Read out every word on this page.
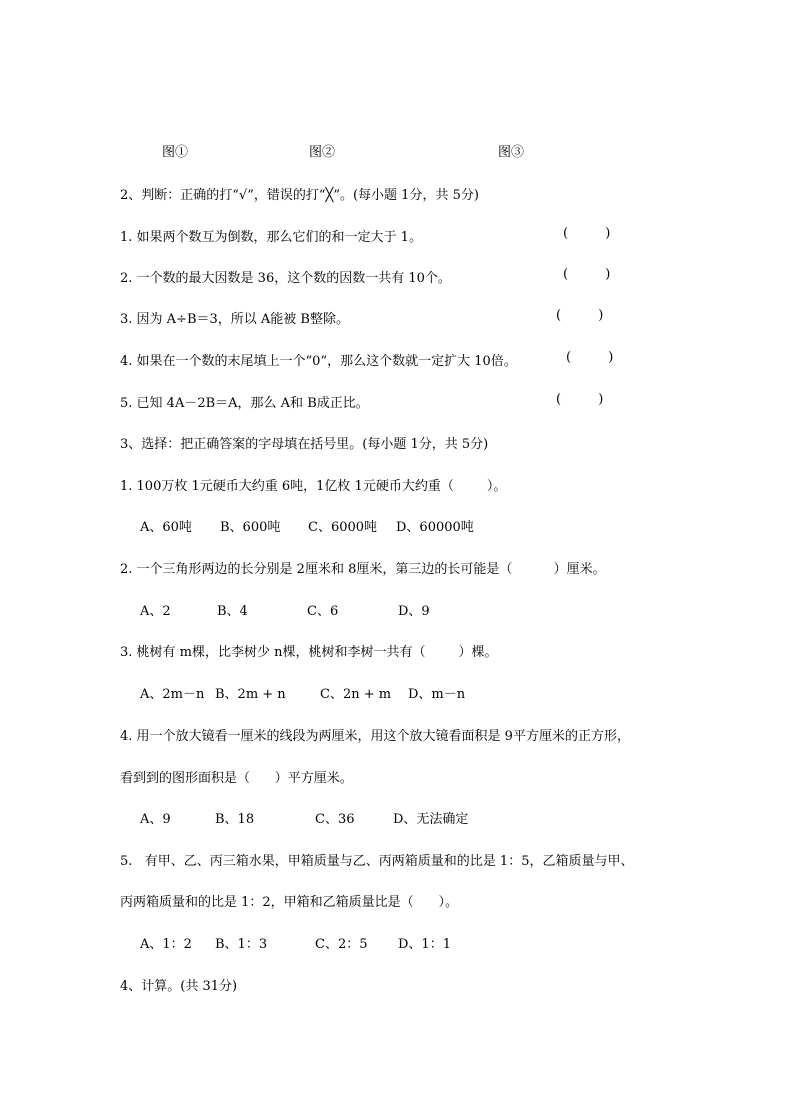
图①	图②	图③
2、判断：正确的打“√”，错误的打“╳”。(每小题 1分，共 5分)
1. 如果两个数互为倒数，那么它们的和一定大于 1。	(         )
2. 一个数的最大因数是 36，这个数的因数一共有 10个。	(         )
3. 因为 A÷B＝3，所以 A能被 B整除。	(         )
4. 如果在一个数的末尾填上一个“0”，那么这个数就一定扩大 10倍。	(         )
5. 已知 4A－2B＝A，那么 A和 B成正比。	(         )
3、选择：把正确答案的字母填在括号里。(每小题 1分，共 5分)
1. 100万枚 1元硬币大约重 6吨，1亿枚 1元硬币大约重（        ）。
A、60吨 B、600吨 C、6000吨 D、60000吨
2. 一个三角形两边的长分别是 2厘米和 8厘米，第三边的长可能是（          ）厘米。
A、2	B、4	C、6	D、9
3. 桃树有 m棵，比李树少 n棵，桃树和李树一共有（        ）棵。
A、2m－n B、2m + n	C、2n + m D、m－n
4. 用一个放大镜看一厘米的线段为两厘米，用这个放大镜看面积是 9平方厘米的正方形，
看到到的图形面积是（      ）平方厘米。
A、9	B、18	C、36	D、无法确定
5.   有甲、乙、丙三箱水果，甲箱质量与乙、丙两箱质量和的比是 1：5，乙箱质量与甲、
丙两箱质量和的比是 1：2，甲箱和乙箱质量比是（      ）。
A、1：2 B、1：3	C、2：5 D、1：1
4、计算。(共 31分)
